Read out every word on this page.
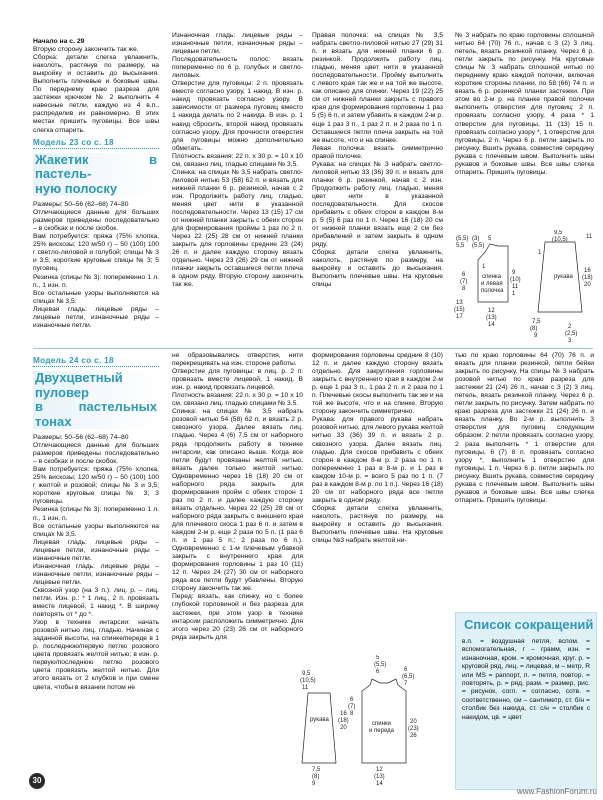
Начало на с. 29

Вторую сторону закончить так же.
Сборка: детали слегка увлажнить, наколоть, растянув по размеру, на выкройку и оставить до высыхания. Выполнить плечевые и боковые швы. По переднему краю разреза для застежки крючком № 2 выполнить 4 навесные петли, каждую из 4 в.п., распределив их равномерно. В этих местах пришить пуговицы. Все швы слегка отпарить.

Модель 23 со с. 18
Жакетик в пастель-
ную полоску

Размеры: 50–56 (62–68) 74–80
Отличающиеся данные для больших размеров приведены последовательно – в скобках и после скобок.
Вам потребуется: пряжа (75% хлопка, 25% вискозы; 120 м/50 г) – 50 (100) 100 г светло-лиловой и голубой; спицы № 3 и 3,5; короткие круговые спицы № 3; 5 пуговиц.
Резинка (спицы № 3): попеременно 1 л. п., 1 изн. п.
Все остальные узоры выполняются на спицах № 3,5.
Лицевая гладь: лицевые ряды – лицевые петли, изнаночные ряды – изнаночные петли.

Изнаночная гладь: лицевые ряды – изнаночные петли, изнаночные ряды – лицевые петли.
Последовательность полос: вязать попеременно по 6 р. голубых и светло-лиловых.
Отверстие для пуговицы: 2 п. провязать вместе согласно узору, 1 накид. В изн. р. накид провязать согласно узору. В зависимости от размера пуговиц вместо 1 накида делать по 2 накида. В изн. р. 1 накид сбросить, второй накид провязать согласно узору. Для прочности отверстия для пуговицы можно дополнительно обметать.
Плотность вязания: 22 п. х 30 р. = 10 х 10 см, связано лиц. гладью спицами № 3,5.
Спинка: на спицах № 3,5 набрать светло-лиловой нитью 53 (58) 62 п. и вязать для нижней планки 6 р. резинкой, начав с 2 изн. Продолжить работу лиц. гладью, меняя цвет нити в указанной последовательности. Через 13 (15) 17 см от нижней планки закрыть с обеих сторон для формирования проймы 1 раз по 2 п. Через 22 (25) 28 см от нижней планки закрыть для горловины средние 23 (24) 26 п. и далее каждую сторону вязать отдельно. Через 23 (26) 29 см от нижней планки закрыть оставшиеся петли плеча в одном ряду. Вторую сторону закончить так же.

Правая полочка: на спицах № 3,5 набрать светло-лиловой нитью 27 (29) 31 п. и вязать для нижней планки 6 р. резинкой. Продолжить работу лиц. гладью, меняя цвет нити в указанной последовательности. Пройму выполнить с левого края так же и на той же высоте, как описано для спинки. Через 19 (22) 25 см от нижней планки закрыть с правого края для формирования горловины 1 раз 5 (5) 6 п. и затем убавить в каждом 2-м р. еще 1 раз 3 п., 1 раз 2 п. и 2 раза по 1 п. Оставшиеся петли плеча закрыть на той же высоте, что и на спинке.
Левая полочка: вязать симметрично правой полочке.
Рукава: на спицах № 3 набрать светло-лиловой нитью 33 (36) 39 п. и вязать для планки 6 р. резинкой, начав с 2 изн. Продолжить работу лиц. гладью, меняя цвет нити в указанной последовательности. Для скосов прибавить с обеих сторон в каждом 8-м р. 5 (5) 6 раз по 1 п. Через 16 (18) 20 см от нижней планки вязать еще 2 см без прибавлений и затем закрыть в одном ряду.
Сборка: детали слегка увлажнить, наколоть, растянув по размеру, на выкройку и оставить до высыхания. Выполнить плечевые швы. На круговые спицы

№ 3 набрать по краю горловины сплошной нитью 64 (70) 76 п., начав с 3 (2) 3 лиц. петель, вязать резинкой планку. Через 6 р. петли закрыть по рисунку. На круговые спицы № 3 набрать сплошной нитью по переднему краю каждой полочки, включая короткие стороны планки, по 58 (66) 74 п. и вязать 6 р. резинкой планки застежки. При этом во 2-м р. на планке правой полочки выполнить отверстия для пуговиц: 2 п. провязать согласно узору, 4 раза * 1 отверстие для пуговицы, 11 (13) 15 п. провязать согласно узору *, 1 отверстие для пуговицы, 2 п. Через 6 р. петли закрыть по рисунку. Вшить рукава, совместив середину рукава с плечевым швом. Выполнить швы рукавов и боковые швы. Все швы слегка отпарить. Пришить пуговицы.

(5,5)
5,5
(3)
(5,5)
5
6
(7)
8
9
(10)
11
1
13
(15)
17
1
спинка
и левая
полочка
12
(13)
14
9,5
(10,5)	11
1
рукава
16
(18)
20
7,5
(8)
9
2
(2,5)
3
Модель 24 со с. 18
Двухцветный
пуловер
в пастельных тонах

Размеры: 50–56 (62–68) 74–80
Отличающиеся данные для больших размеров приведены последовательно – в скобках и после скобок.
Вам потребуется: пряжа (75% хлопка, 25% вискозы; 120 м/50 г) – 50 (100) 100 г желтой и розовой; спицы № 3 и 3,5; короткие круговые спицы № 3; 3 пуговицы.
Резинка (спицы № 3): попеременно 1 л. п., 1 изн. п.
Все остальные узоры выполняются на спицах № 3,5.
Лицевая гладь: лицевые ряды – лицевые петли, изнаночные ряды – изнаночные петли.
Изнаночная гладь: лицевые ряды – изнаночные петли, изнаночные ряды – лицевые петли.
Сквозной узор (на 3 п.): лиц. р. – лиц. петли. Изн. р.: * 1 лиц., 2 п. провязать вместе лицевой, 1 накид *. В ширину повторять от * до *.
Узор в технике интарсии: начать розовой нитью лиц. гладью. Начиная с заданной высоты, на спинке/переде в 1 р. последнюю/первую петлю розового цвета провязать желтой нитью; в изн. р. первую/последнюю петлю розового цвета провязать желтой нитью. Для этого вязать от 2 клубков и при смене цвета, чтобы в вязании потом не

не образовывались отверстия, нити перекрещивать на изн. стороне работы.
Отверстие для пуговицы: в лиц. р. 2 п. провязать вместе лицевой, 1 накид. В изн. р. накид провязать лицевой.
Плотность вязания: 22 п. х 30 р. = 10 х 10 см, связано лиц. гладью спицами № 3,5.
Спинка: на спицах № 3,5 набрать розовой нитью 54 (58) 62 п. и вязать 2 р. сквозного узора. Далее вязать лиц. гладью. Через 4 (6) 7,5 см от наборного ряда продолжить работу в технике интарсии, как описано выше. Когда все петли будут провязаны желтой нитью, вязать далее только желтой нитью. Одновременно через 16 (18) 20 см от наборного ряда закрыть для формирования пройм с обеих сторон 1 раз по 2 п. и далее каждую сторону вязать отдельно. Через 22 (25) 28 см от наборного ряда закрыть с внешнего края для плечевого скоса 1 раз 6 п. и затем в каждом 2-м р. еще 2 раза по 5 п. (1 раз 6 п. и 1 раз 5 п.; 2 раза по 6 п.). Одновременно с 1-м плечевым убавкой закрыть с внутреннего края для формирования горловины 1 раз 10 (11) 12 п. Через 24 (27) 30 см от наборного ряда все петли будут убавлены. Вторую сторону закончить так же.
Перед: вязать, как спинку, но с более глубокой горловиной и без разреза для застежки, при этом узор в технике интарсии расположить симметрично. Для этого через 20 (23) 26 см от наборного ряда закрыть для

формирования горловины средние 8 (10) 12 п. и далее каждую сторону вязать отдельно. Для закругления горловины закрыть с внутреннего края в каждом 2-м р. еще 1 раз 3 п., 1 раз 2 п. и 2 раза по 1 п. Плечевые скосы выполнить так же и на той же высоте, что и на спинке. Вторую сторону закончить симметрично.
Рукава: для правого рукава набрать розовой нитью, для левого рукава желтой нитью 33 (36) 39 п. и вязать 2 р. сквозного узора. Далее вязать лиц. гладью. Для скосов прибавить с обеих сторон в каждом 8-м р. 2 раза по 1 п. попеременно 1 раз в 8-м р. и 1 раз в каждом 10-м р. = всего 5 раз по 1 п. (7 раз в каждом 8-м р. по 1 п.). Через 16 (18) 20 см от наборного ряда все петли закрыть в одном ряду.
Сборка: детали слегка увлажнить, наколоть, растянув по размеру, на выкройку и оставить до высыхания. Выполнить плечевые швы. На круговые спицы №3 набрать желтой ни-

тью по краю горловины 64 (70) 76 п. и вязать для планки резинкой, петли бейки закрыть по рисунку. На спицы № 3 набрать розовой нитью по краю разреза для застежки 21 (24) 26 п., начав с 3 (2) 3 лиц. петель, вязать резинкой планку. Через 6 р. петли закрыть по рисунку. Затем набрать по краю разреза для застежки 21 (24) 26 п. и вязать планку. Во 2-м р. выполнить 3 отверстия для пуговиц следующим образом: 2 петли провязать согласно узору, 2 раза выполнить * 1 отверстие для пуговицы, 6 (7) 8 п. провязать согласно узору *, выполнить 1 отверстие для пуговицы, 1 п. Через 6 р. петли закрыть по рисунку. Вшить рукава, совместив середину рукава с плечевым швом. Выполнить швы рукавов и боковые швы. Все швы слегка отпарить. Пришить пуговицы.

5
(5,5)
6	6
(6,5)
7
9,5
(10,5)
11
рукава
16
(18)
20
7,5
(8)
9
6
(7)
8
спинки
и переда
20
(23)
26
12
(13)
14
Список сокращений
в.п. = воздушная петля, вспом. = вспомогательная, г – грамм, изн. = изнаночная, кром. = кромочная, круг. р. = круговой ряд, лиц. = лицевая, м – метр, R или MS = раппорт, п. = петля, повтор. = повторять, р. = ряд, разм. = размер, рис. = рисунок, согл. = согласно, сотв. = соответственно, см – сантиметр, ст. б/н = столбик без накида, ст. с/н = столбик с накидом, цв. = цвет
30
www.FashionForum.ru
